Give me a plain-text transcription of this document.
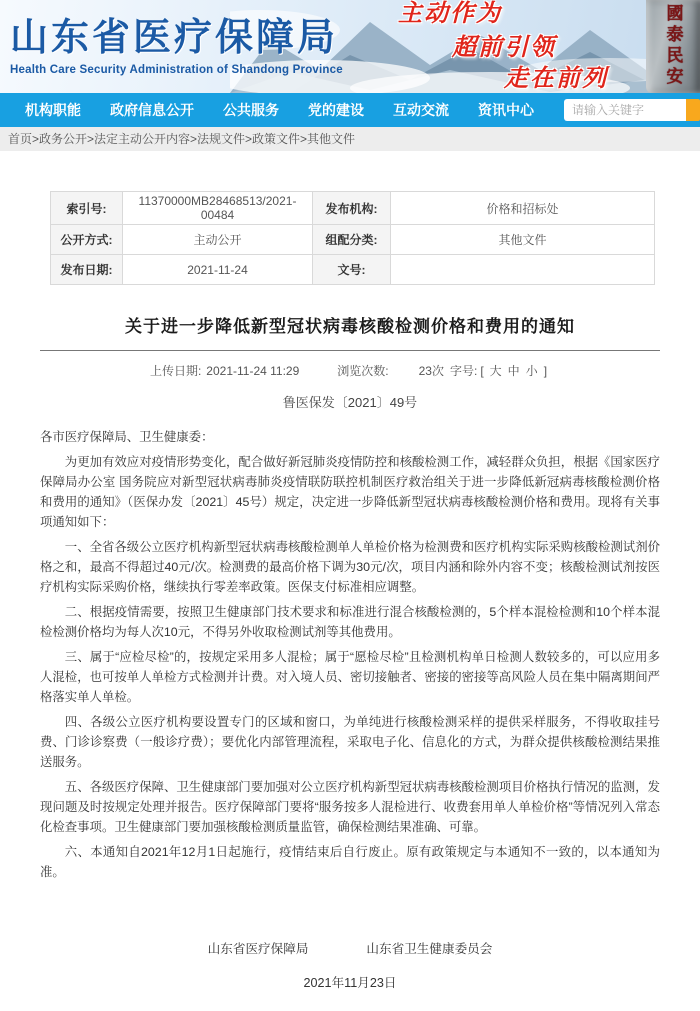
山东省医疗保障局
Health Care Security Administration of Shandong Province
主动作为
超前引领
走在前列	國泰民安
机构职能 政府信息公开 公共服务 党的建设 互动交流 资讯中心
请输入关键字
首页>政务公开>法定主动公开内容>法规文件>政策文件>其他文件
索引号:	11370000MB28468513/2021-00484	发布机构:	价格和招标处
公开方式:	主动公开	组配分类:	其他文件
发布日期:	2021-11-24	文号:	
关于进一步降低新型冠状病毒核酸检测价格和费用的通知
上传日期: 2021-11-24 11:29	浏览次数:	23次 字号: [ 大 中 小 ]
鲁医保发〔2021〕49号
各市医疗保障局、卫生健康委：

为更加有效应对疫情形势变化，配合做好新冠肺炎疫情防控和核酸检测工作，减轻群众负担，根据《国家医疗保障局办公室 国务院应对新型冠状病毒肺炎疫情联防联控机制医疗救治组关于进一步降低新冠病毒核酸检测价格和费用的通知》（医保办发〔2021〕45号）规定，决定进一步降低新型冠状病毒核酸检测价格和费用。现将有关事项通知如下：

一、全省各级公立医疗机构新型冠状病毒核酸检测单人单检价格为检测费和医疗机构实际采购核酸检测试剂价格之和，最高不得超过40元/次。检测费的最高价格下调为30元/次，项目内涵和除外内容不变；核酸检测试剂按医疗机构实际采购价格，继续执行零差率政策。医保支付标准相应调整。

二、根据疫情需要，按照卫生健康部门技术要求和标准进行混合核酸检测的，5个样本混检检测和10个样本混检检测价格均为每人次10元，不得另外收取检测试剂等其他费用。

三、属于“应检尽检”的，按规定采用多人混检；属于“愿检尽检”且检测机构单日检测人数较多的，可以应用多人混检，也可按单人单检方式检测并计费。对入境人员、密切接触者、密接的密接等高风险人员在集中隔离期间严格落实单人单检。

四、各级公立医疗机构要设置专门的区域和窗口，为单纯进行核酸检测采样的提供采样服务，不得收取挂号费、门诊诊察费（一般诊疗费）；要优化内部管理流程，采取电子化、信息化的方式，为群众提供核酸检测结果推送服务。

五、各级医疗保障、卫生健康部门要加强对公立医疗机构新型冠状病毒核酸检测项目价格执行情况的监测，发现问题及时按规定处理并报告。医疗保障部门要将“服务按多人混检进行、收费套用单人单检价格”等情况列入常态化检查事项。卫生健康部门要加强核酸检测质量监管，确保检测结果准确、可靠。

六、本通知自2021年12月1日起施行，疫情结束后自行废止。原有政策规定与本通知不一致的，以本通知为准。

山东省医疗保障局	山东省卫生健康委员会
2021年11月23日
